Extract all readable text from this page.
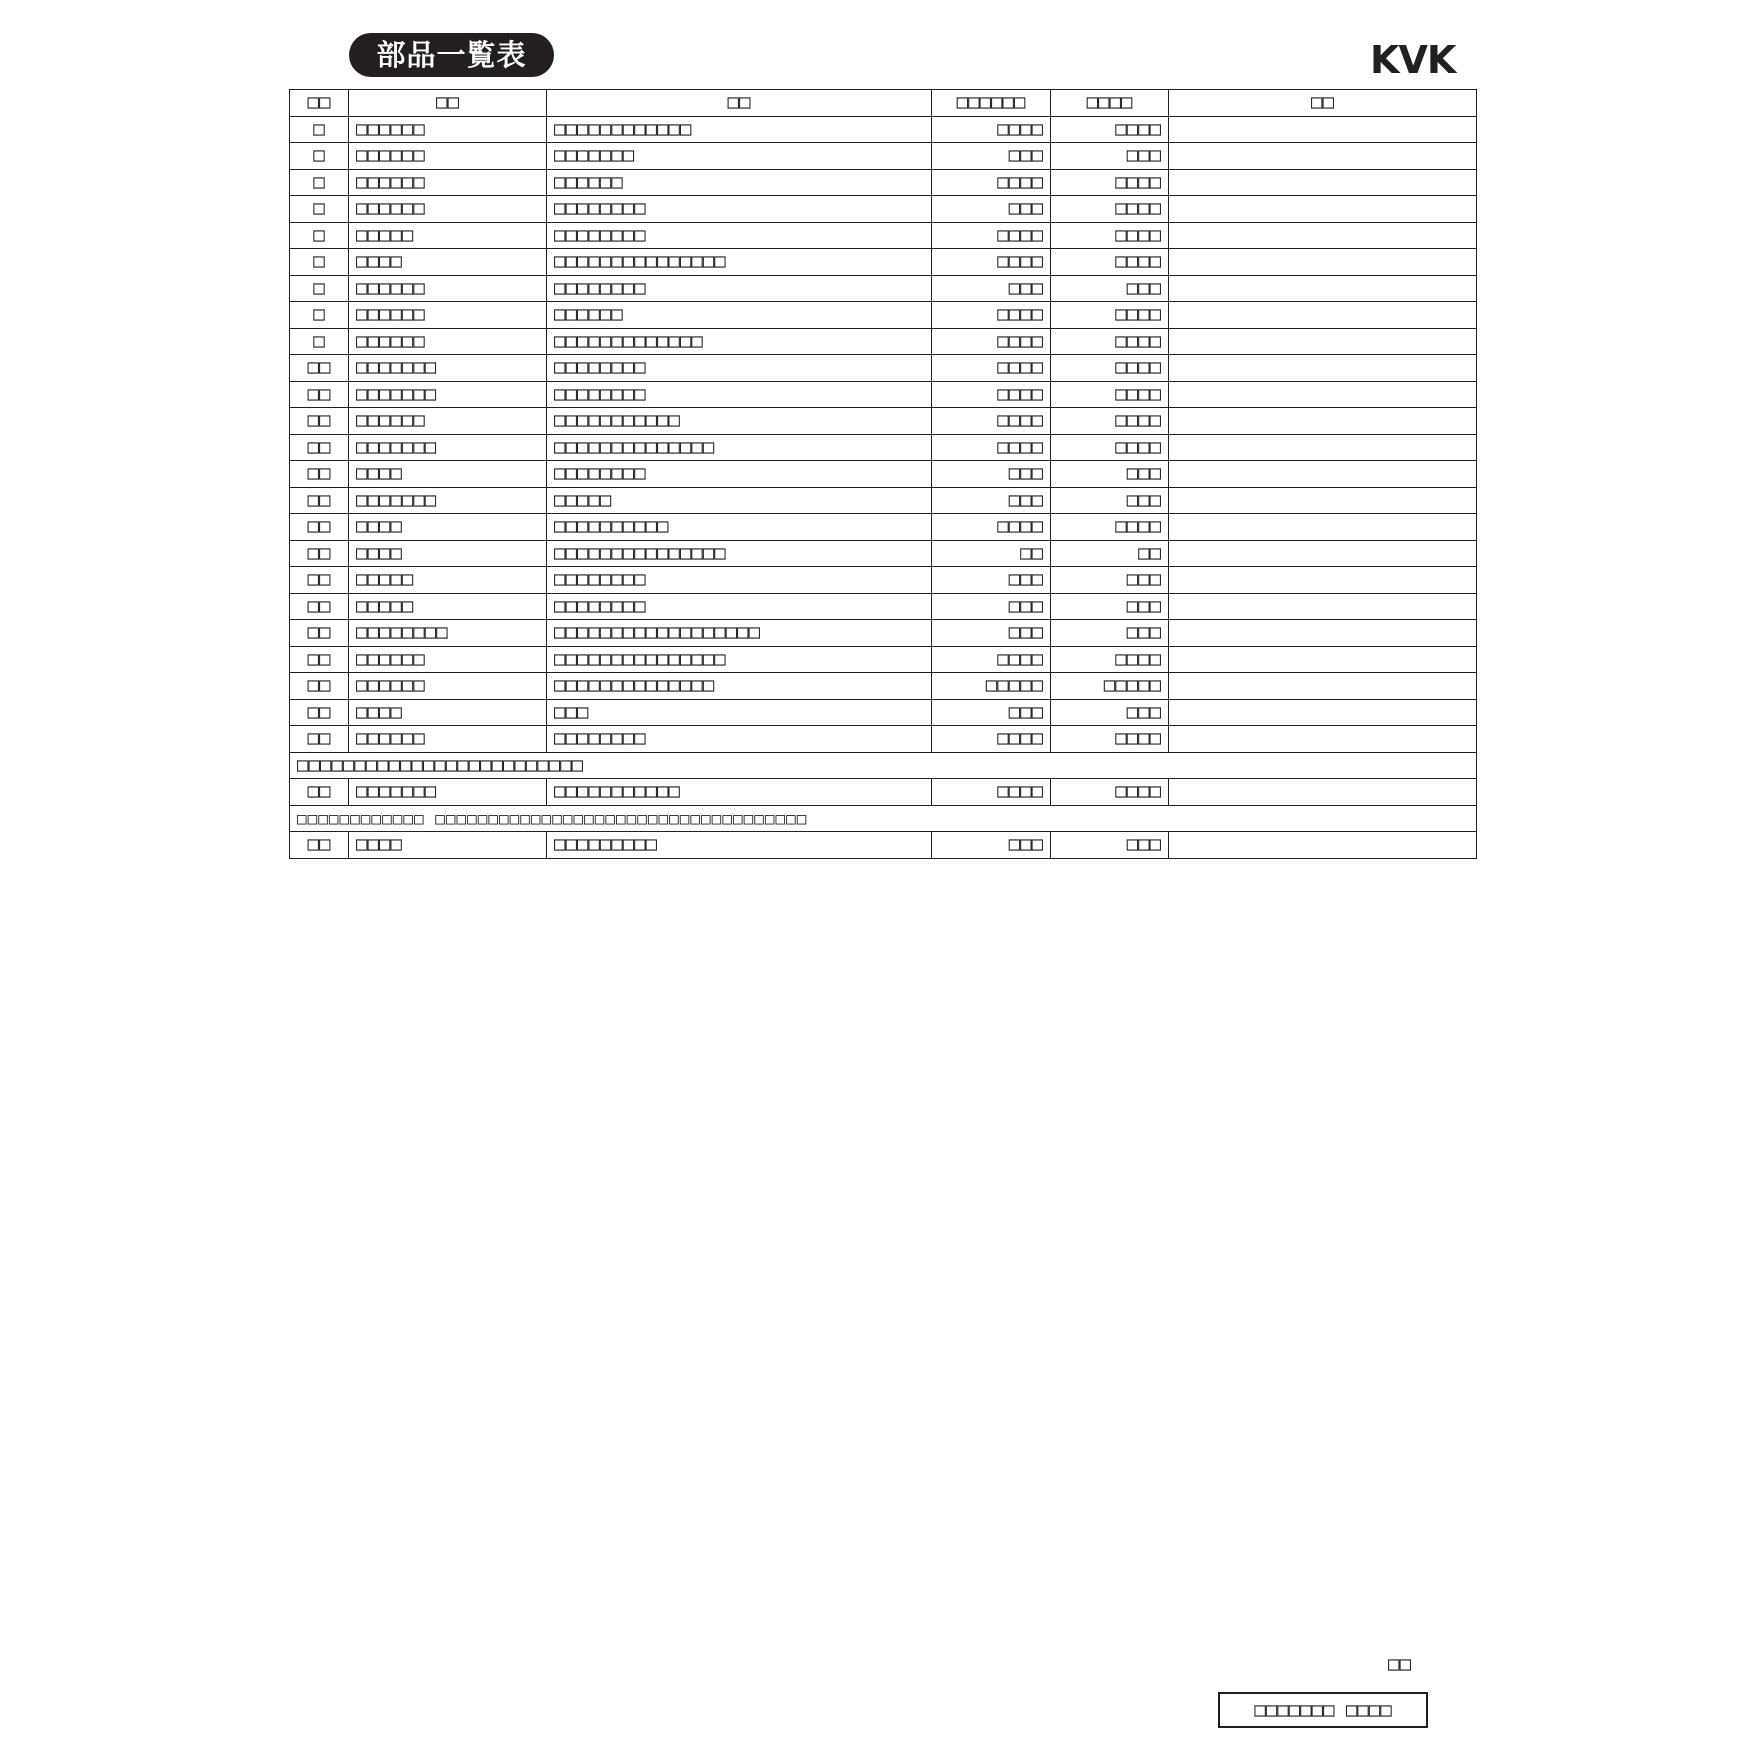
部品一覧表	KVK
□□	□□	□□	□□□□□□	□□□□	□□
□	□□□□□□	□□□□□□□□□□□□	□□□□	□□□□	
□	□□□□□□	□□□□□□□	□□□	□□□	
□	□□□□□□	□□□□□□	□□□□	□□□□	
□	□□□□□□	□□□□□□□□	□□□	□□□□	
□	□□□□□	□□□□□□□□	□□□□	□□□□	
□	□□□□	□□□□□□□□□□□□□□□	□□□□	□□□□	
□	□□□□□□	□□□□□□□□	□□□	□□□	
□	□□□□□□	□□□□□□	□□□□	□□□□	
□	□□□□□□	□□□□□□□□□□□□□	□□□□	□□□□	
□□	□□□□□□□	□□□□□□□□	□□□□	□□□□	
□□	□□□□□□□	□□□□□□□□	□□□□	□□□□	
□□	□□□□□□	□□□□□□□□□□□	□□□□	□□□□	
□□	□□□□□□□	□□□□□□□□□□□□□□	□□□□	□□□□	
□□	□□□□	□□□□□□□□	□□□	□□□	
□□	□□□□□□□	□□□□□	□□□	□□□	
□□	□□□□	□□□□□□□□□□	□□□□	□□□□	
□□	□□□□	□□□□□□□□□□□□□□□	□□	□□	
□□	□□□□□	□□□□□□□□	□□□	□□□	
□□	□□□□□	□□□□□□□□	□□□	□□□	
□□	□□□□□□□□	□□□□□□□□□□□□□□□□□□	□□□	□□□	
□□	□□□□□□	□□□□□□□□□□□□□□□	□□□□	□□□□	
□□	□□□□□□	□□□□□□□□□□□□□□	□□□□□	□□□□□	
□□	□□□□	□□□	□□□	□□□	
□□	□□□□□□	□□□□□□□□	□□□□	□□□□	
□□□□□□□□□□□□□□□□□□□□□□□□□					
□□	□□□□□□□	□□□□□□□□□□□	□□□□	□□□□	
□□□□□□□□□□□□ □□□□□□□□□□□□□□□□□□□□□□□□□□□□□□□□□□□					
□□	□□□□	□□□□□□□□□	□□□	□□□	
□□
□□□□□□□ □□□□
